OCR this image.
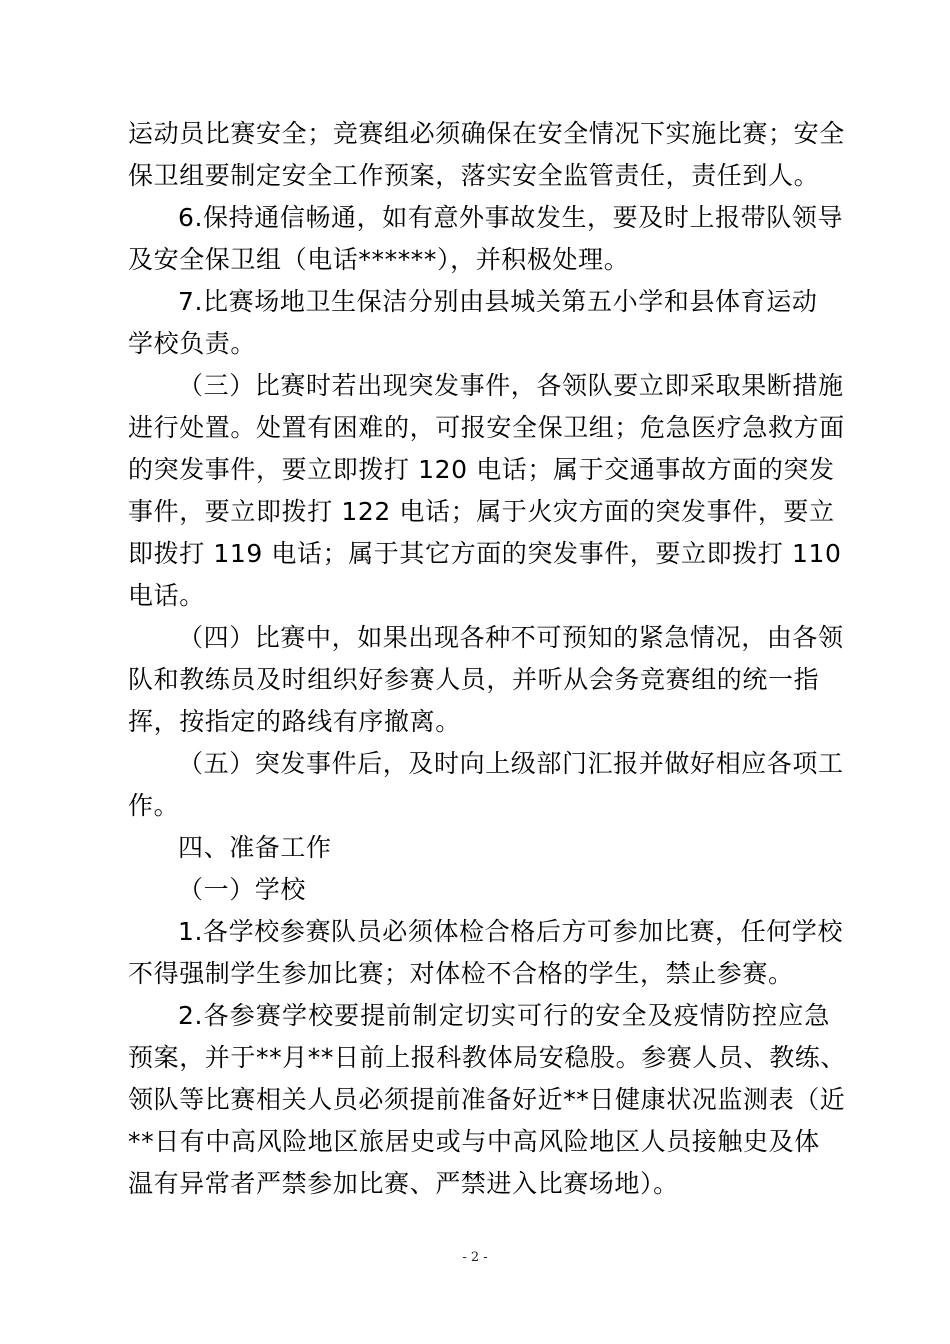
运动员比赛安全；竞赛组必须确保在安全情况下实施比赛；安全
保卫组要制定安全工作预案，落实安全监管责任，责任到人。
6.保持通信畅通，如有意外事故发生，要及时上报带队领导
及安全保卫组（电话******），并积极处理。
7.比赛场地卫生保洁分别由县城关第五小学和县体育运动
学校负责。
（三）比赛时若出现突发事件，各领队要立即采取果断措施
进行处置。处置有困难的，可报安全保卫组；危急医疗急救方面
的突发事件，要立即拨打 120 电话；属于交通事故方面的突发
事件，要立即拨打 122 电话；属于火灾方面的突发事件，要立
即拨打 119 电话；属于其它方面的突发事件，要立即拨打 110
电话。
（四）比赛中，如果出现各种不可预知的紧急情况，由各领
队和教练员及时组织好参赛人员，并听从会务竞赛组的统一指
挥，按指定的路线有序撤离。
（五）突发事件后，及时向上级部门汇报并做好相应各项工
作。
四、准备工作
（一）学校
1.各学校参赛队员必须体检合格后方可参加比赛，任何学校
不得强制学生参加比赛；对体检不合格的学生，禁止参赛。
2.各参赛学校要提前制定切实可行的安全及疫情防控应急
预案，并于**月**日前上报科教体局安稳股。参赛人员、教练、
领队等比赛相关人员必须提前准备好近**日健康状况监测表（近
**日有中高风险地区旅居史或与中高风险地区人员接触史及体
温有异常者严禁参加比赛、严禁进入比赛场地）。
- 2 -
